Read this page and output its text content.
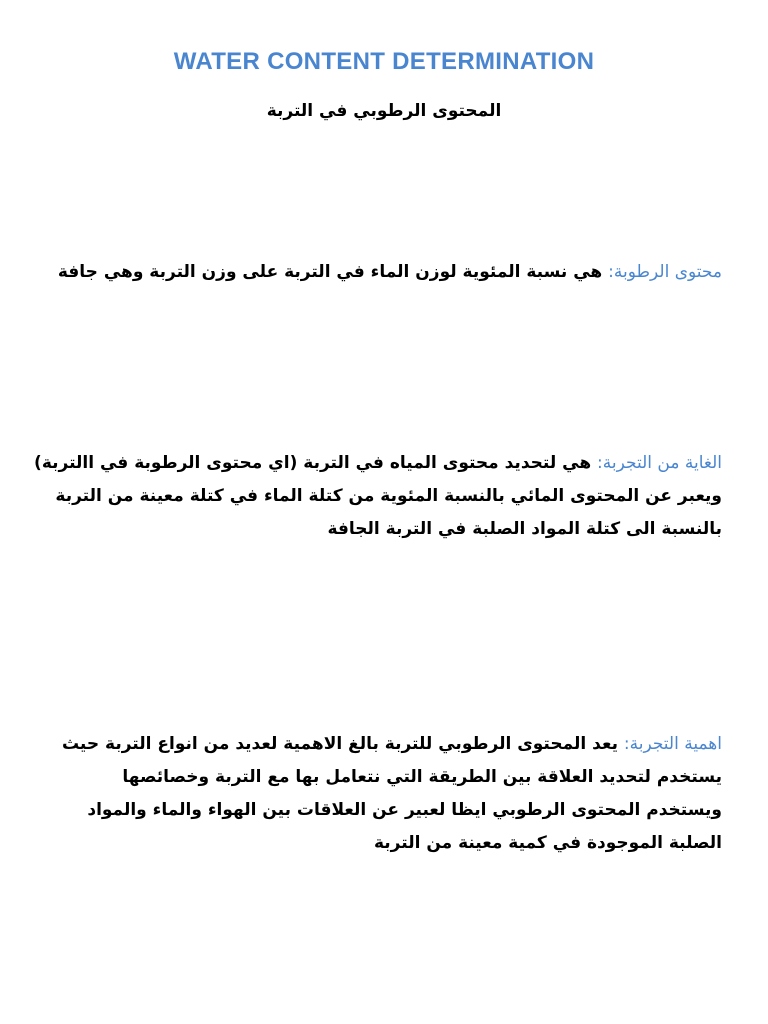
WATER CONTENT DETERMINATION
المحتوى الرطوبي في التربة
محتوى الرطوبة: هي نسبة المئوية لوزن الماء في التربة على وزن التربة وهي جافة
الغاية من التجربة: هي لتحديد محتوى المياه في التربة (اي محتوى الرطوبة في االتربة) ويعبر عن المحتوى المائي بالنسبة المئوية من كتلة الماء في كتلة معينة من التربة بالنسبة الى كتلة المواد الصلبة في التربة الجافة
اهمية التجربة: يعد المحتوى الرطوبي للتربة بالغ الاهمية لعديد من انواع التربة حيث يستخدم لتحديد العلاقة بين الطريقة التي نتعامل بها مع التربة وخصائصها ويستخدم المحتوى الرطوبي ايظا لعبير عن العلاقات بين الهواء والماء والمواد الصلبة الموجودة في كمية معينة من التربة
